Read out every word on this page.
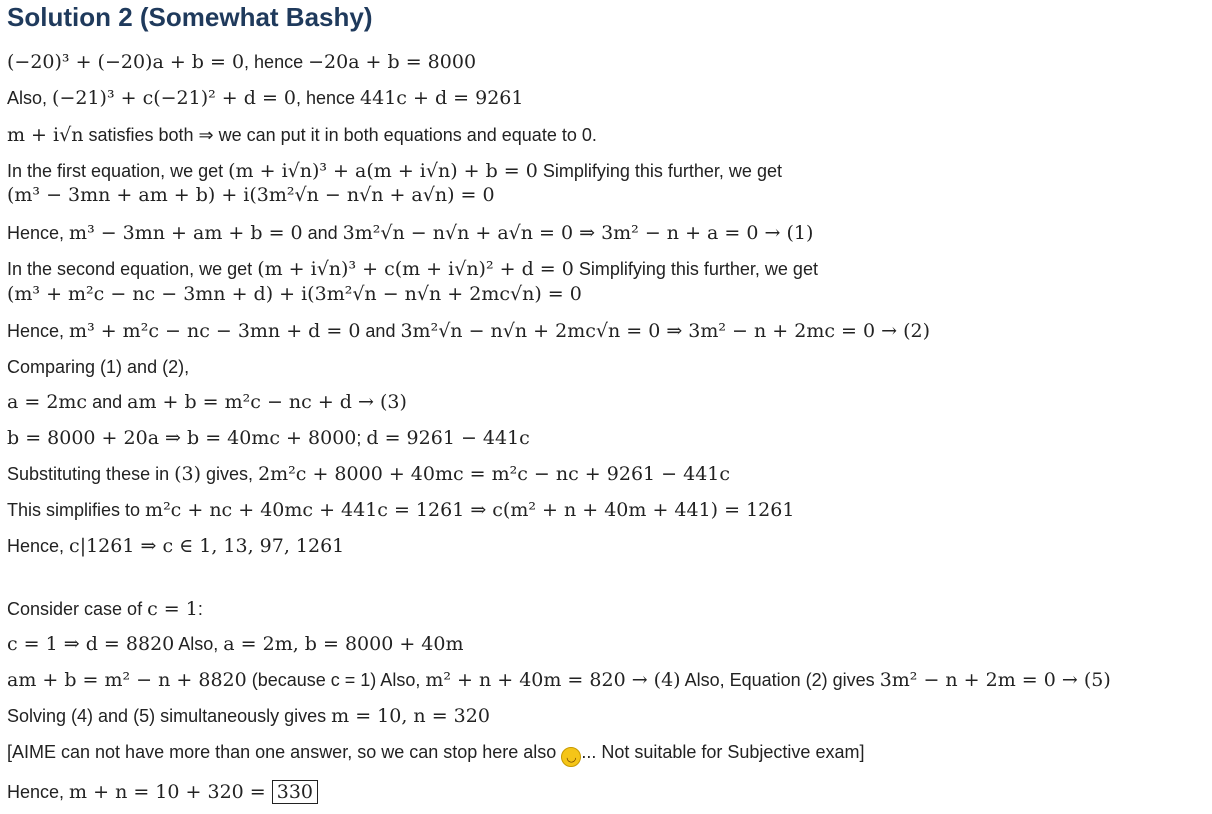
Solution 2 (Somewhat Bashy)
(−20)³ + (−20)a + b = 0, hence −20a + b = 8000
Also, (−21)³ + c(−21)² + d = 0, hence 441c + d = 9261
m + i√n satisfies both ⇒ we can put it in both equations and equate to 0.
In the first equation, we get (m + i√n)³ + a(m + i√n) + b = 0 Simplifying this further, we get
(m³ − 3mn + am + b) + i(3m²√n − n√n + a√n) = 0
Hence, m³ − 3mn + am + b = 0 and 3m²√n − n√n + a√n = 0 ⇒ 3m² − n + a = 0 → (1)
In the second equation, we get (m + i√n)³ + c(m + i√n)² + d = 0 Simplifying this further, we get
(m³ + m²c − nc − 3mn + d) + i(3m²√n − n√n + 2mc√n) = 0
Hence, m³ + m²c − nc − 3mn + d = 0 and 3m²√n − n√n + 2mc√n = 0 ⇒ 3m² − n + 2mc = 0 → (2)
Comparing (1) and (2),
a = 2mc and am + b = m²c − nc + d → (3)
b = 8000 + 20a ⇒ b = 40mc + 8000; d = 9261 − 441c
Substituting these in (3) gives, 2m²c + 8000 + 40mc = m²c − nc + 9261 − 441c
This simplifies to m²c + nc + 40mc + 441c = 1261 ⇒ c(m² + n + 40m + 441) = 1261
Hence, c|1261 ⇒ c ∈ 1, 13, 97, 1261
Consider case of c = 1:
c = 1 ⇒ d = 8820 Also, a = 2m, b = 8000 + 40m
am + b = m² − n + 8820 (because c = 1) Also, m² + n + 40m = 820 → (4) Also, Equation (2) gives 3m² − n + 2m = 0 → (5)
Solving (4) and (5) simultaneously gives m = 10, n = 320
[AIME can not have more than one answer, so we can stop here also ◡ ... Not suitable for Subjective exam]
Hence, m + n = 10 + 320 = 330
